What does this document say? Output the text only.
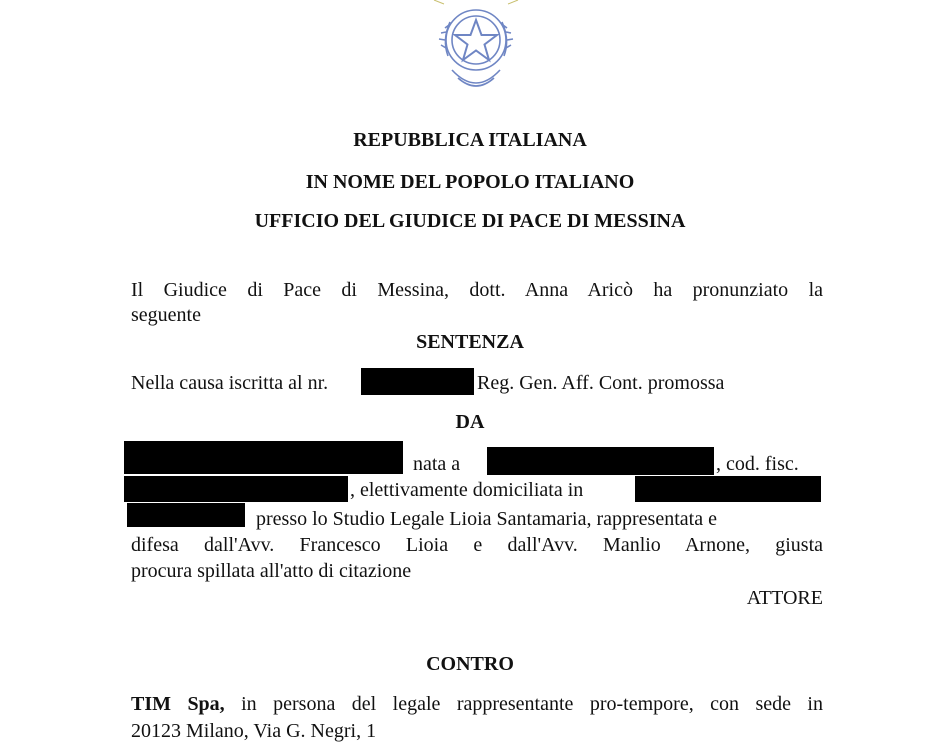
REPUBBLICA ITALIANA
IN NOME DEL POPOLO ITALIANO
UFFICIO DEL GIUDICE DI PACE DI MESSINA
Il Giudice di Pace di Messina, dott. Anna Aricò ha pronunziato la
seguente
SENTENZA
Nella causa iscritta al nr.	Reg. Gen. Aff. Cont. promossa
DA
nata a	, cod. fisc.
, elettivamente domiciliata in
presso lo Studio Legale Lioia Santamaria, rappresentata e
difesa dall'Avv. Francesco Lioia e dall'Avv. Manlio Arnone, giusta
procura spillata all'atto di citazione
ATTORE
CONTRO
TIM Spa, in persona del legale rappresentante pro-tempore, con sede in
20123 Milano, Via G. Negri, 1
